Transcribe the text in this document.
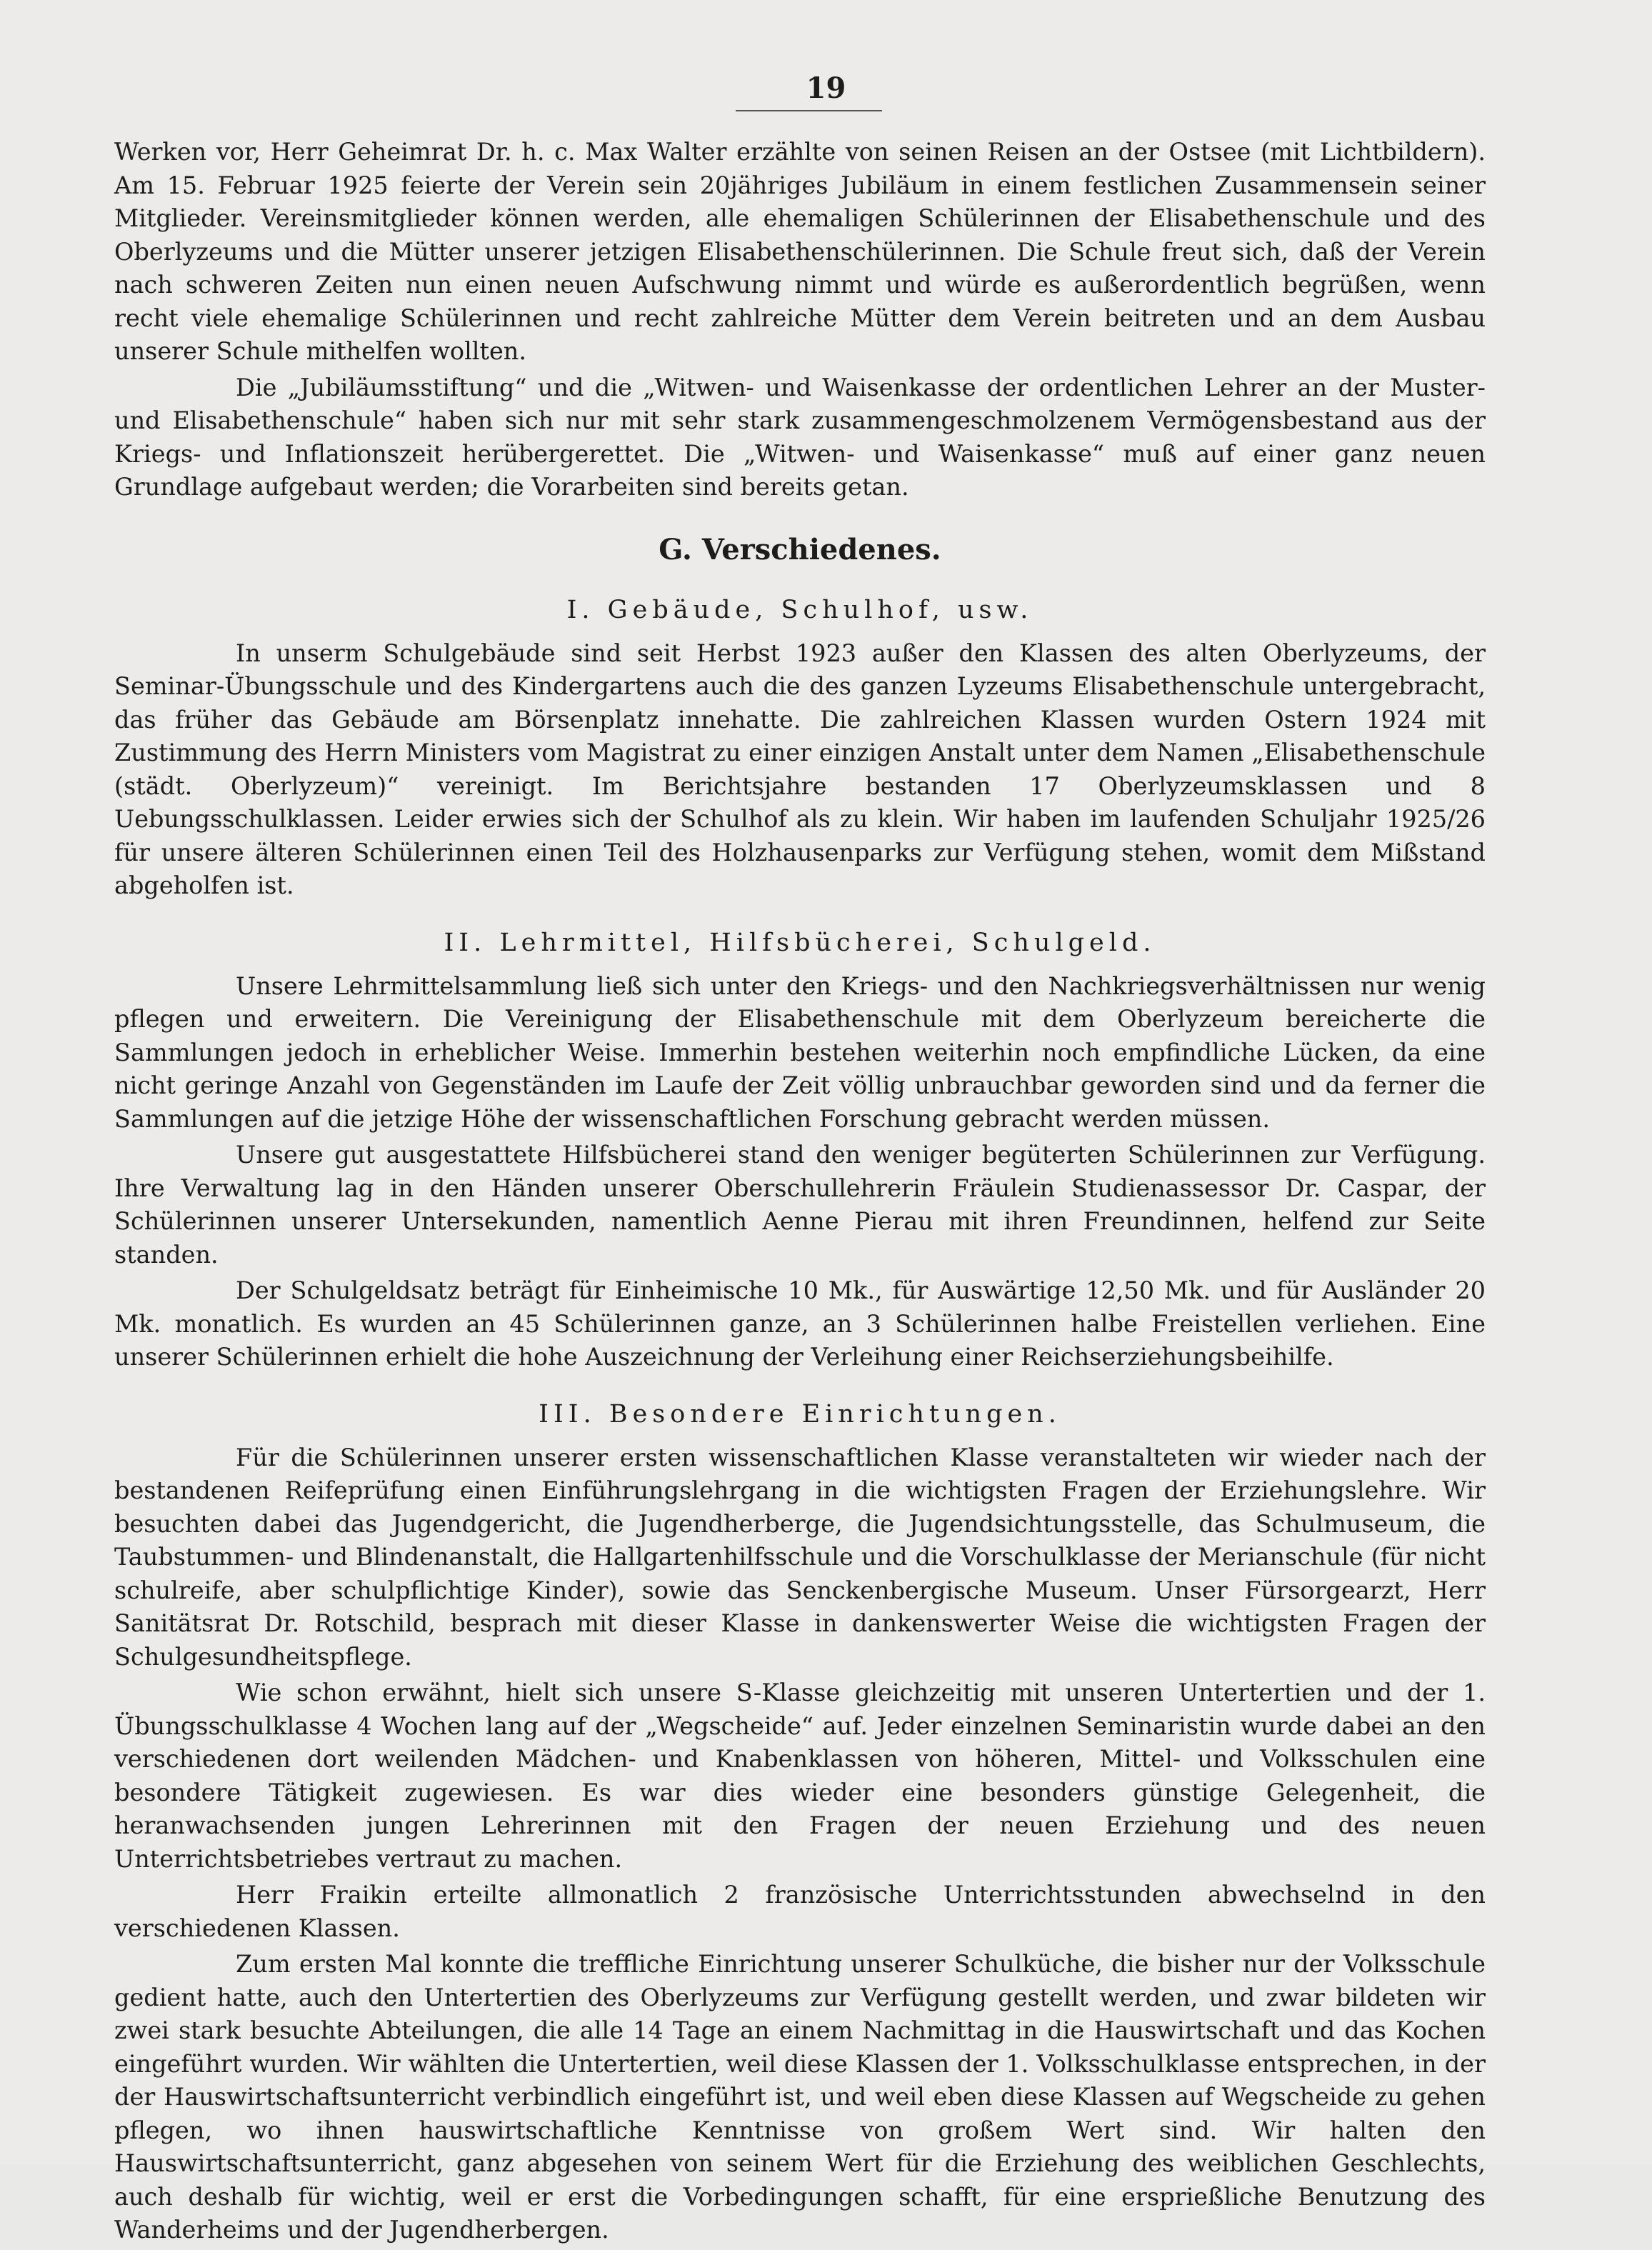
19

Werken vor, Herr Geheimrat Dr. h. c. Max Walter erzählte von seinen Reisen an der Ostsee (mit Lichtbildern). Am 15. Februar 1925 feierte der Verein sein 20jähriges Jubiläum in einem festlichen Zusammensein seiner Mitglieder. Vereinsmitglieder können werden, alle ehemaligen Schülerinnen der Elisabethenschule und des Oberlyzeums und die Mütter unserer jetzigen Elisabethenschülerinnen. Die Schule freut sich, daß der Verein nach schweren Zeiten nun einen neuen Aufschwung nimmt und würde es außerordentlich begrüßen, wenn recht viele ehemalige Schülerinnen und recht zahlreiche Mütter dem Verein beitreten und an dem Ausbau unserer Schule mithelfen wollten.

Die „Jubiläumsstiftung“ und die „Witwen- und Waisenkasse der ordentlichen Lehrer an der Muster- und Elisabethenschule“ haben sich nur mit sehr stark zusammengeschmolzenem Vermögensbestand aus der Kriegs- und Inflationszeit herübergerettet. Die „Witwen- und Waisenkasse“ muß auf einer ganz neuen Grundlage aufgebaut werden; die Vorarbeiten sind bereits getan.

G. Verschiedenes.
I. Gebäude, Schulhof, usw.

In unserm Schulgebäude sind seit Herbst 1923 außer den Klassen des alten Oberlyzeums, der Seminar-Übungsschule und des Kindergartens auch die des ganzen Lyzeums Elisabethenschule untergebracht, das früher das Gebäude am Börsenplatz innehatte. Die zahlreichen Klassen wurden Ostern 1924 mit Zustimmung des Herrn Ministers vom Magistrat zu einer einzigen Anstalt unter dem Namen „Elisabethenschule (städt. Oberlyzeum)“ vereinigt. Im Berichtsjahre bestanden 17 Oberlyzeumsklassen und 8 Uebungsschulklassen. Leider erwies sich der Schulhof als zu klein. Wir haben im laufenden Schuljahr 1925/26 für unsere älteren Schülerinnen einen Teil des Holzhausenparks zur Verfügung stehen, womit dem Mißstand abgeholfen ist.

II. Lehrmittel, Hilfsbücherei, Schulgeld.

Unsere Lehrmittelsammlung ließ sich unter den Kriegs- und den Nachkriegsverhältnissen nur wenig pflegen und erweitern. Die Vereinigung der Elisabethenschule mit dem Oberlyzeum bereicherte die Sammlungen jedoch in erheblicher Weise. Immerhin bestehen weiterhin noch empfindliche Lücken, da eine nicht geringe Anzahl von Gegenständen im Laufe der Zeit völlig unbrauchbar geworden sind und da ferner die Sammlungen auf die jetzige Höhe der wissenschaftlichen Forschung gebracht werden müssen.

Unsere gut ausgestattete Hilfsbücherei stand den weniger begüterten Schülerinnen zur Verfügung. Ihre Verwaltung lag in den Händen unserer Oberschullehrerin Fräulein Studienassessor Dr. Caspar, der Schülerinnen unserer Untersekunden, namentlich Aenne Pierau mit ihren Freundinnen, helfend zur Seite standen.

Der Schulgeldsatz beträgt für Einheimische 10 Mk., für Auswärtige 12,50 Mk. und für Ausländer 20 Mk. monatlich. Es wurden an 45 Schülerinnen ganze, an 3 Schülerinnen halbe Freistellen verliehen. Eine unserer Schülerinnen erhielt die hohe Auszeichnung der Verleihung einer Reichserziehungsbeihilfe.

III. Besondere Einrichtungen.

Für die Schülerinnen unserer ersten wissenschaftlichen Klasse veranstalteten wir wieder nach der bestandenen Reifeprüfung einen Einführungslehrgang in die wichtigsten Fragen der Erziehungslehre. Wir besuchten dabei das Jugendgericht, die Jugendherberge, die Jugendsichtungsstelle, das Schulmuseum, die Taubstummen- und Blindenanstalt, die Hallgartenhilfsschule und die Vorschulklasse der Merianschule (für nicht schulreife, aber schulpflichtige Kinder), sowie das Senckenbergische Museum. Unser Fürsorgearzt, Herr Sanitätsrat Dr. Rotschild, besprach mit dieser Klasse in dankenswerter Weise die wichtigsten Fragen der Schulgesundheitspflege.

Wie schon erwähnt, hielt sich unsere S-Klasse gleichzeitig mit unseren Untertertien und der 1. Übungsschulklasse 4 Wochen lang auf der „Wegscheide“ auf. Jeder einzelnen Seminaristin wurde dabei an den verschiedenen dort weilenden Mädchen- und Knabenklassen von höheren, Mittel- und Volksschulen eine besondere Tätigkeit zugewiesen. Es war dies wieder eine besonders günstige Gelegenheit, die heranwachsenden jungen Lehrerinnen mit den Fragen der neuen Erziehung und des neuen Unterrichtsbetriebes vertraut zu machen.

Herr Fraikin erteilte allmonatlich 2 französische Unterrichtsstunden abwechselnd in den verschiedenen Klassen.

Zum ersten Mal konnte die treffliche Einrichtung unserer Schulküche, die bisher nur der Volksschule gedient hatte, auch den Untertertien des Oberlyzeums zur Verfügung gestellt werden, und zwar bildeten wir zwei stark besuchte Abteilungen, die alle 14 Tage an einem Nachmittag in die Hauswirtschaft und das Kochen eingeführt wurden. Wir wählten die Untertertien, weil diese Klassen der 1. Volksschulklasse entsprechen, in der der Hauswirtschaftsunterricht verbindlich eingeführt ist, und weil eben diese Klassen auf Wegscheide zu gehen pflegen, wo ihnen hauswirtschaftliche Kenntnisse von großem Wert sind. Wir halten den Hauswirtschaftsunterricht, ganz abgesehen von seinem Wert für die Erziehung des weiblichen Geschlechts, auch deshalb für wichtig, weil er erst die Vorbedingungen schafft, für eine ersprießliche Benutzung des Wanderheims und der Jugendherbergen.
